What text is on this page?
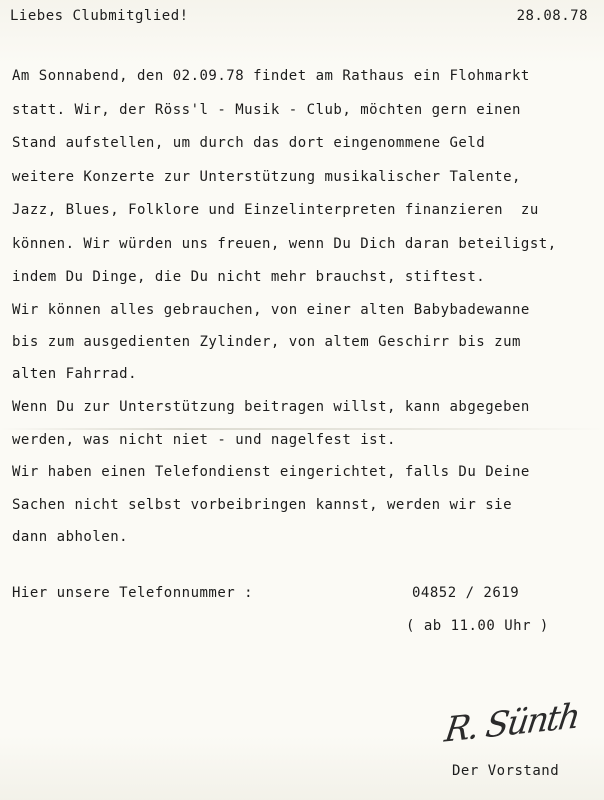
Liebes Clubmitglied!	28.08.78
Am Sonnabend, den 02.09.78 findet am Rathaus ein Flohmarkt
statt. Wir, der Röss'l - Musik - Club, möchten gern einen
Stand aufstellen, um durch das dort eingenommene Geld
weitere Konzerte zur Unterstützung musikalischer Talente,
Jazz, Blues, Folklore und Einzelinterpreten finanzieren  zu
können. Wir würden uns freuen, wenn Du Dich daran beteiligst,
indem Du Dinge, die Du nicht mehr brauchst, stiftest.
Wir können alles gebrauchen, von einer alten Babybadewanne
bis zum ausgedienten Zylinder, von altem Geschirr bis zum
alten Fahrrad.
Wenn Du zur Unterstützung beitragen willst, kann abgegeben
werden, was nicht niet - und nagelfest ist.
Wir haben einen Telefondienst eingerichtet, falls Du Deine
Sachen nicht selbst vorbeibringen kannst, werden wir sie
dann abholen.
Hier unsere Telefonnummer :	04852 / 2619
( ab 11.00 Uhr )
R. Sünth
Der Vorstand
